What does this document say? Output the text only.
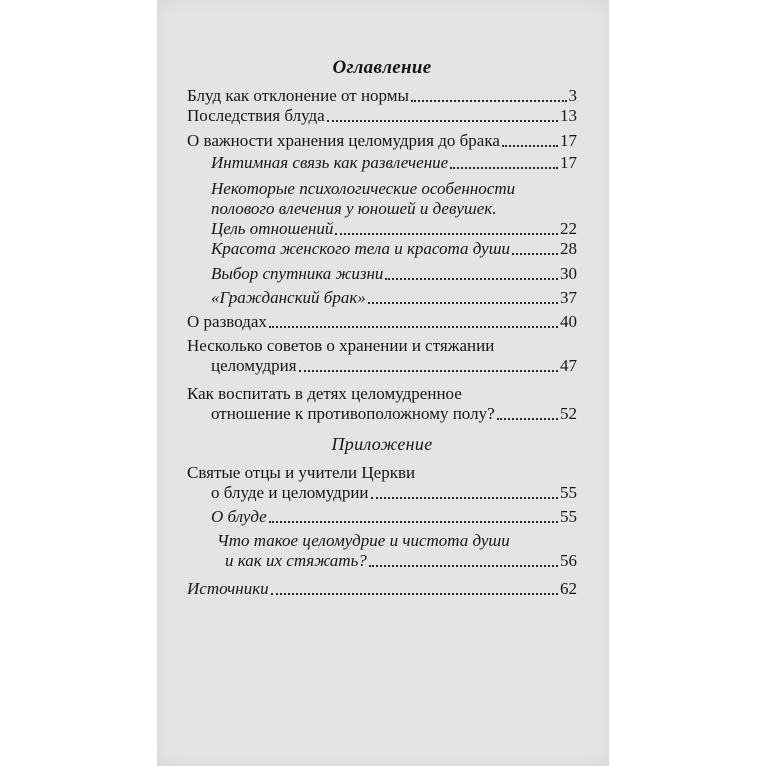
Оглавление
Блуд как отклонение от нормы	3
Последствия блуда	13
О важности хранения целомудрия до брака	17
Интимная связь как развлечение	17
Некоторые психологические особенности
полового влечения у юношей и девушек.
Цель отношений	22
Красота женского тела и красота души	28
Выбор спутника жизни	30
«Гражданский брак»	37
О разводах	40
Несколько советов о хранении и стяжании
целомудрия	47
Как воспитать в детях целомудренное
отношение к противоположному полу?	52
Приложение
Святые отцы и учители Церкви
о блуде и целомудрии	55
О блуде	55
Что такое целомудрие и чистота души
и как их стяжать?	56
Источники	62
